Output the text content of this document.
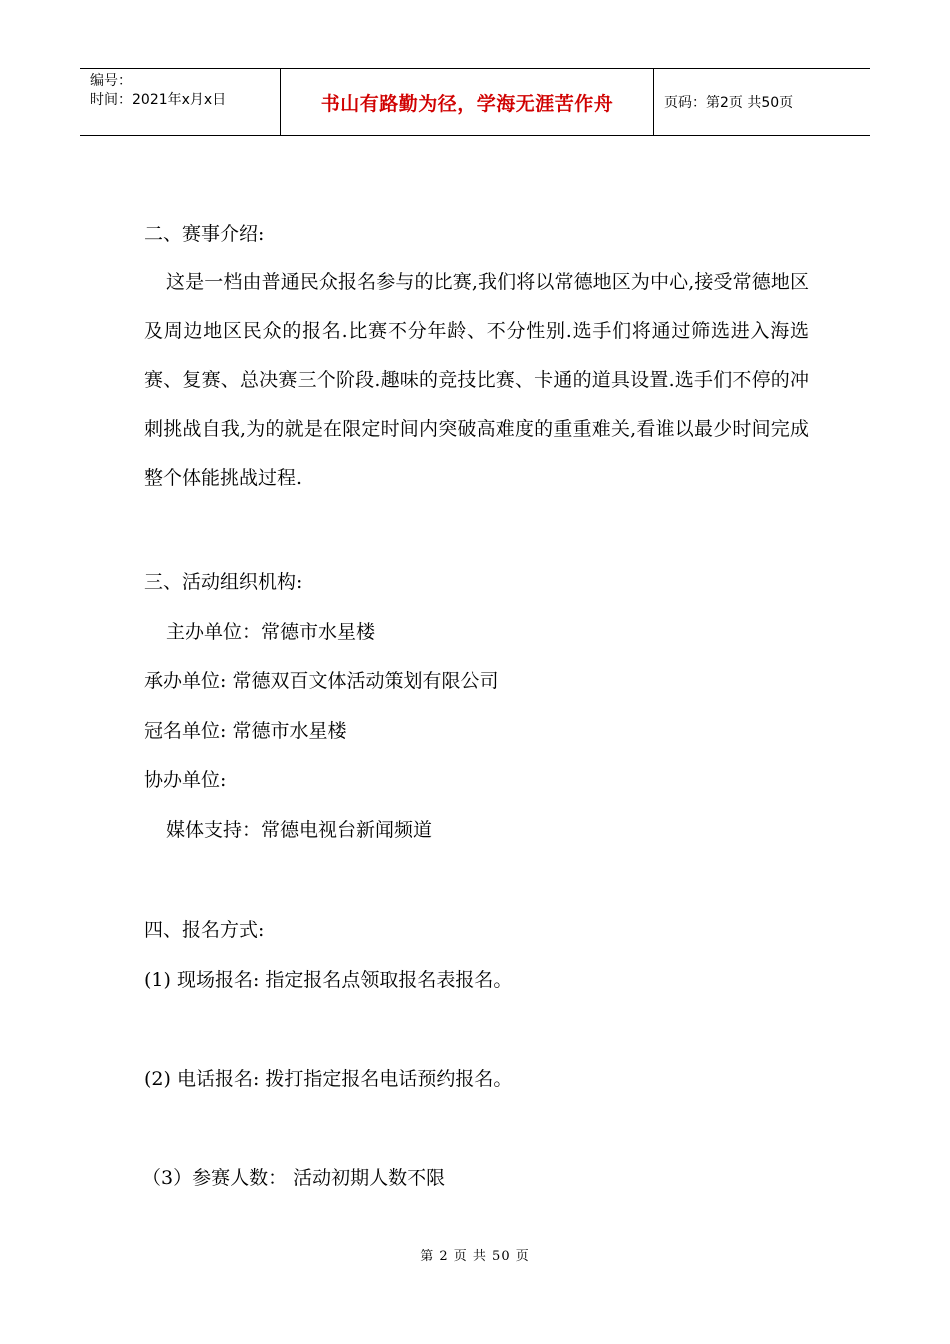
编号：
时间：2021年x月x日	书山有路勤为径，学海无涯苦作舟	页码：第2页 共50页
二、赛事介绍:
这是一档由普通民众报名参与的比赛,我们将以常德地区为中心,接受常德地区及周边地区民众的报名.比赛不分年龄、不分性别.选手们将通过筛选进入海选赛、复赛、总决赛三个阶段.趣味的竞技比赛、卡通的道具设置.选手们不停的冲刺挑战自我,为的就是在限定时间内突破高难度的重重难关,看谁以最少时间完成整个体能挑战过程.
三、活动组织机构:
主办单位：常德市水星楼
承办单位: 常德双百文体活动策划有限公司
冠名单位: 常德市水星楼
协办单位:
媒体支持：常德电视台新闻频道
四、报名方式:
(1) 现场报名: 指定报名点领取报名表报名。
(2) 电话报名: 拨打指定报名电话预约报名。
（3）参赛人数： 活动初期人数不限
第 2 页 共 50 页
